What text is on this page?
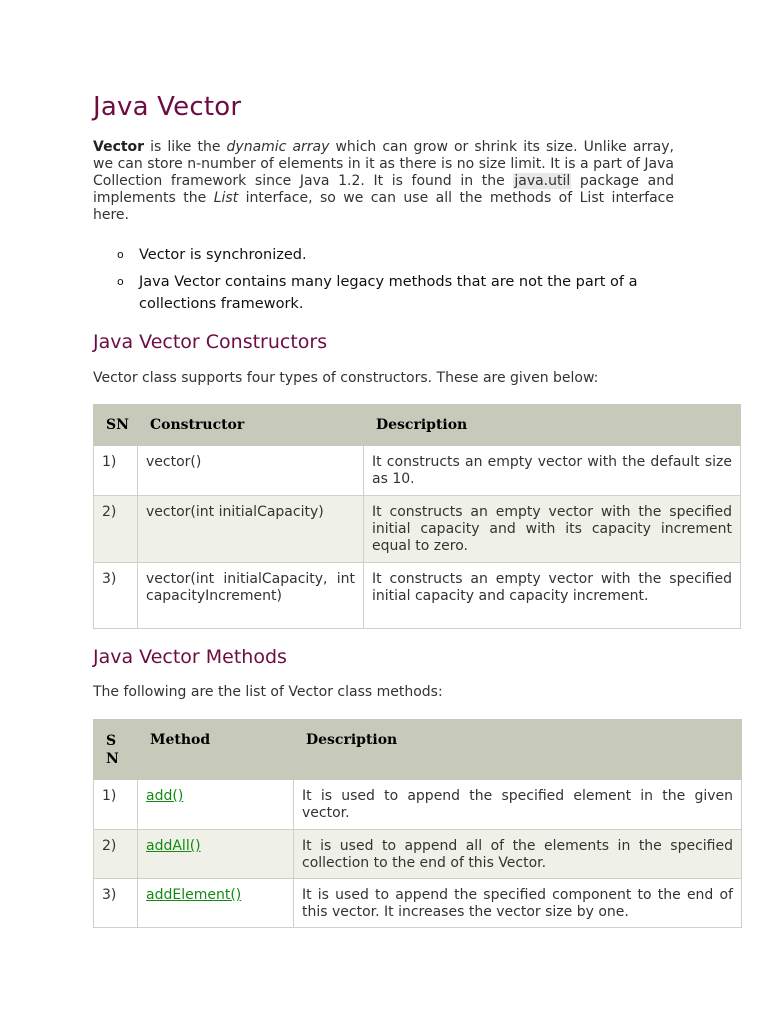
Java Vector

Vector is like the dynamic array which can grow or shrink its size. Unlike array, we can store n-number of elements in it as there is no size limit. It is a part of Java Collection framework since Java 1.2. It is found in the java.util package and implements the List interface, so we can use all the methods of List interface here.

o Vector is synchronized.
o Java Vector contains many legacy methods that are not the part of a collections framework.
Java Vector Constructors

Vector class supports four types of constructors. These are given below:

SN	Constructor	Description
1)	vector()	It constructs an empty vector with the default size as 10.
2)	vector(int initialCapacity)	It constructs an empty vector with the specified initial capacity and with its capacity increment equal to zero.
3)	vector(int initialCapacity, int capacityIncrement)	It constructs an empty vector with the specified initial capacity and capacity increment.
Java Vector Methods

The following are the list of Vector class methods:

SN	Method	Description
1)	add()	It is used to append the specified element in the given vector.
2)	addAll()	It is used to append all of the elements in the specified collection to the end of this Vector.
3)	addElement()	It is used to append the specified component to the end of this vector. It increases the vector size by one.
